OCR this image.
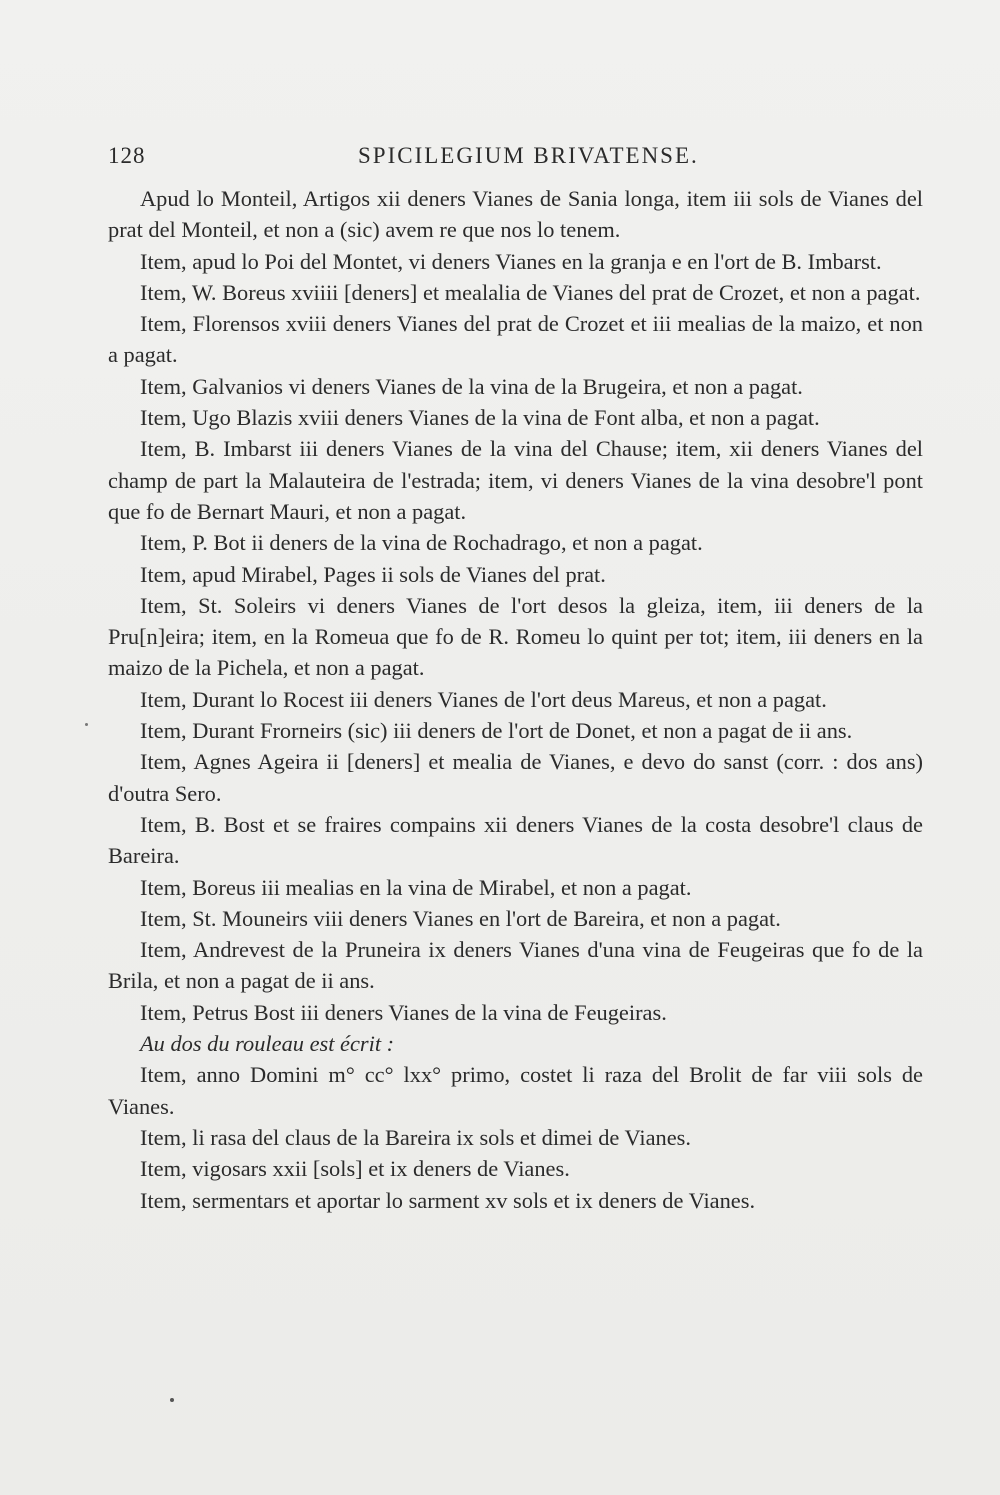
128	SPICILEGIUM BRIVATENSE.

Apud lo Monteil, Artigos xii deners Vianes de Sania longa, item iii sols de Vianes del prat del Monteil, et non a (sic) avem re que nos lo tenem.

Item, apud lo Poi del Montet, vi deners Vianes en la granja e en l'ort de B. Imbarst.

Item, W. Boreus xviiii [deners] et mealalia de Vianes del prat de Crozet, et non a pagat.

Item, Florensos xviii deners Vianes del prat de Crozet et iii mealias de la maizo, et non a pagat.

Item, Galvanios vi deners Vianes de la vina de la Brugeira, et non a pagat.

Item, Ugo Blazis xviii deners Vianes de la vina de Font alba, et non a pagat.

Item, B. Imbarst iii deners Vianes de la vina del Chause; item, xii deners Vianes del champ de part la Malauteira de l'estrada; item, vi deners Vianes de la vina desobre'l pont que fo de Bernart Mauri, et non a pagat.

Item, P. Bot ii deners de la vina de Rochadrago, et non a pagat.

Item, apud Mirabel, Pages ii sols de Vianes del prat.

Item, St. Soleirs vi deners Vianes de l'ort desos la gleiza, item, iii deners de la Pru[n]eira; item, en la Romeua que fo de R. Romeu lo quint per tot; item, iii deners en la maizo de la Pichela, et non a pagat.

Item, Durant lo Rocest iii deners Vianes de l'ort deus Mareus, et non a pagat.

Item, Durant Frorneirs (sic) iii deners de l'ort de Donet, et non a pagat de ii ans.

Item, Agnes Ageira ii [deners] et mealia de Vianes, e devo do sanst (corr. : dos ans) d'outra Sero.

Item, B. Bost et se fraires compains xii deners Vianes de la costa desobre'l claus de Bareira.

Item, Boreus iii mealias en la vina de Mirabel, et non a pagat.

Item, St. Mouneirs viii deners Vianes en l'ort de Bareira, et non a pagat.

Item, Andrevest de la Pruneira ix deners Vianes d'una vina de Feugeiras que fo de la Brila, et non a pagat de ii ans.

Item, Petrus Bost iii deners Vianes de la vina de Feugeiras.

Au dos du rouleau est écrit :

Item, anno Domini m° cc° lxx° primo, costet li raza del Brolit de far viii sols de Vianes.

Item, li rasa del claus de la Bareira ix sols et dimei de Vianes.

Item, vigosars xxii [sols] et ix deners de Vianes.

Item, sermentars et aportar lo sarment xv sols et ix deners de Vianes.
